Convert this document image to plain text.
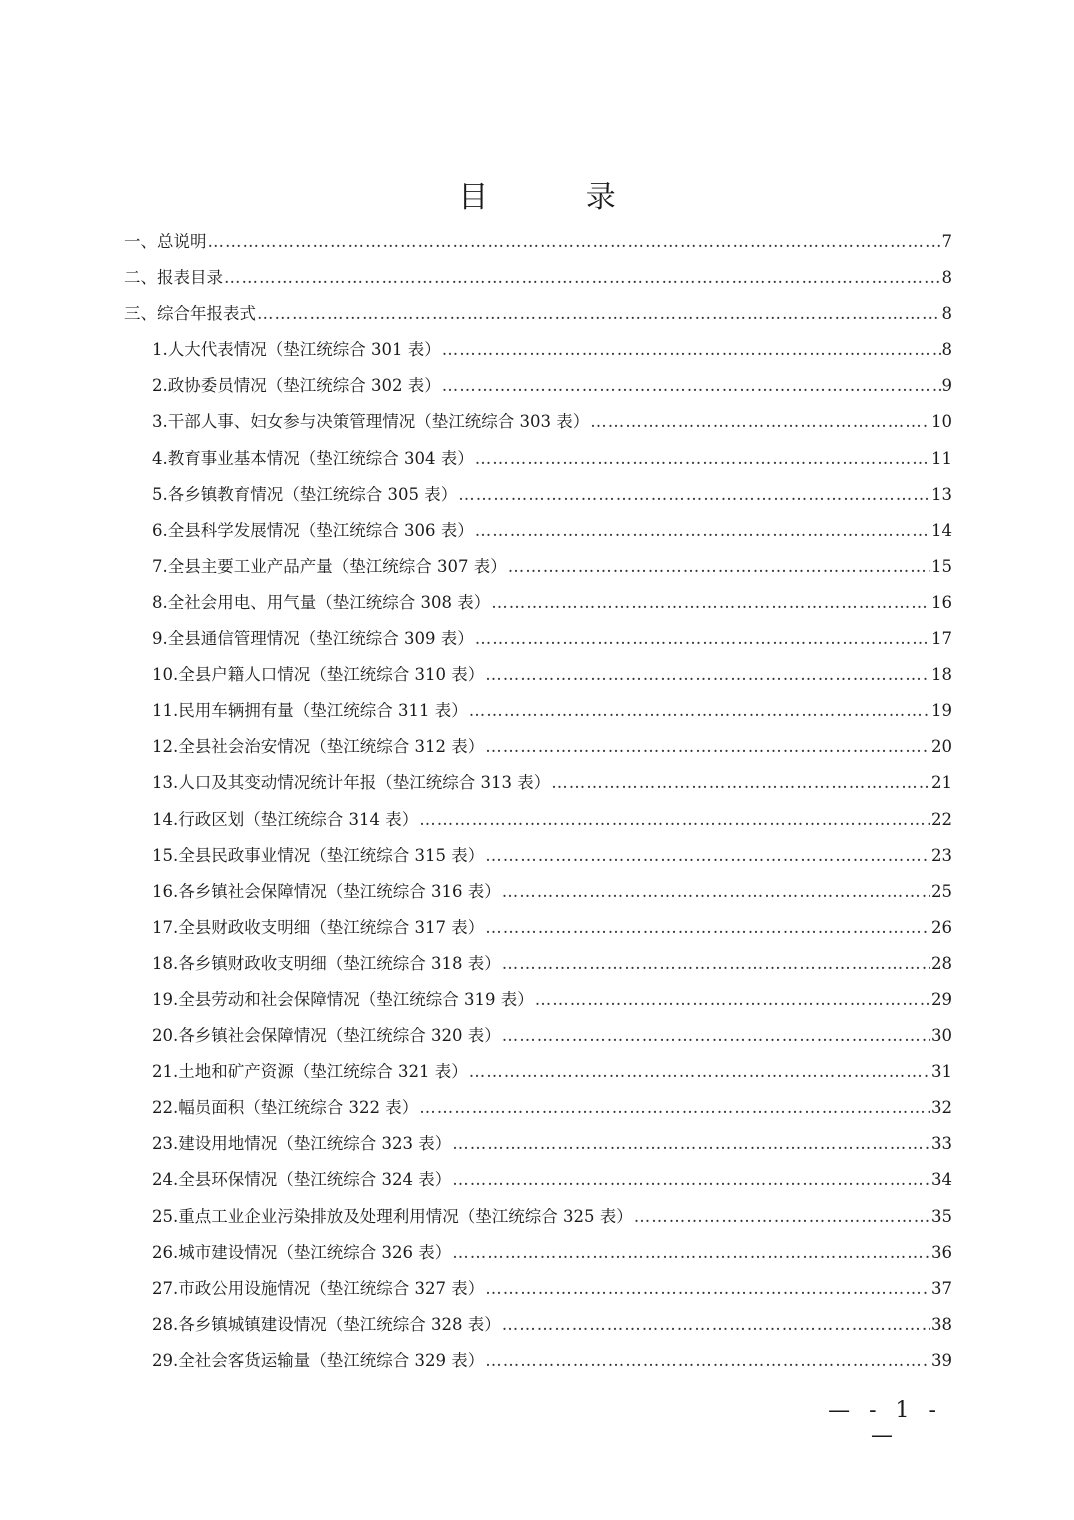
目 录
一、总说明 ……………………………………………………………………………………………………………………………………………………………………………………………………………………………………	7
二、报表目录 ……………………………………………………………………………………………………………………………………………………………………………………………………………………………………	8
三、综合年报表式 ……………………………………………………………………………………………………………………………………………………………………………………………………………………………………	8
1.人大代表情况（垫江统综合 301 表） ……………………………………………………………………………………………………………………………………………………………………………………………………………………………………	8
2.政协委员情况（垫江统综合 302 表） ……………………………………………………………………………………………………………………………………………………………………………………………………………………………………	9
3.干部人事、妇女参与决策管理情况（垫江统综合 303 表） ……………………………………………………………………………………………………………………………………………………………………………………………………………………………………	10
4.教育事业基本情况（垫江统综合 304 表） ……………………………………………………………………………………………………………………………………………………………………………………………………………………………………	11
5.各乡镇教育情况（垫江统综合 305 表） ……………………………………………………………………………………………………………………………………………………………………………………………………………………………………	13
6.全县科学发展情况（垫江统综合 306 表） ……………………………………………………………………………………………………………………………………………………………………………………………………………………………………	14
7.全县主要工业产品产量（垫江统综合 307 表） ……………………………………………………………………………………………………………………………………………………………………………………………………………………………………	15
8.全社会用电、用气量（垫江统综合 308 表） ……………………………………………………………………………………………………………………………………………………………………………………………………………………………………	16
9.全县通信管理情况（垫江统综合 309 表） ……………………………………………………………………………………………………………………………………………………………………………………………………………………………………	17
10.全县户籍人口情况（垫江统综合 310 表） ……………………………………………………………………………………………………………………………………………………………………………………………………………………………………	18
11.民用车辆拥有量（垫江统综合 311 表） ……………………………………………………………………………………………………………………………………………………………………………………………………………………………………	19
12.全县社会治安情况（垫江统综合 312 表） ……………………………………………………………………………………………………………………………………………………………………………………………………………………………………	20
13.人口及其变动情况统计年报（垫江统综合 313 表） ……………………………………………………………………………………………………………………………………………………………………………………………………………………………………	21
14.行政区划（垫江统综合 314 表） ……………………………………………………………………………………………………………………………………………………………………………………………………………………………………	22
15.全县民政事业情况（垫江统综合 315 表） ……………………………………………………………………………………………………………………………………………………………………………………………………………………………………	23
16.各乡镇社会保障情况（垫江统综合 316 表） ……………………………………………………………………………………………………………………………………………………………………………………………………………………………………	25
17.全县财政收支明细（垫江统综合 317 表） ……………………………………………………………………………………………………………………………………………………………………………………………………………………………………	26
18.各乡镇财政收支明细（垫江统综合 318 表） ……………………………………………………………………………………………………………………………………………………………………………………………………………………………………	28
19.全县劳动和社会保障情况（垫江统综合 319 表） ……………………………………………………………………………………………………………………………………………………………………………………………………………………………………	29
20.各乡镇社会保障情况（垫江统综合 320 表） ……………………………………………………………………………………………………………………………………………………………………………………………………………………………………	30
21.土地和矿产资源（垫江统综合 321 表） ……………………………………………………………………………………………………………………………………………………………………………………………………………………………………	31
22.幅员面积（垫江统综合 322 表） ……………………………………………………………………………………………………………………………………………………………………………………………………………………………………	32
23.建设用地情况（垫江统综合 323 表） ……………………………………………………………………………………………………………………………………………………………………………………………………………………………………	33
24.全县环保情况（垫江统综合 324 表） ……………………………………………………………………………………………………………………………………………………………………………………………………………………………………	34
25.重点工业企业污染排放及处理利用情况（垫江统综合 325 表） ……………………………………………………………………………………………………………………………………………………………………………………………………………………………………	35
26.城市建设情况（垫江统综合 326 表） ……………………………………………………………………………………………………………………………………………………………………………………………………………………………………	36
27.市政公用设施情况（垫江统综合 327 表） ……………………………………………………………………………………………………………………………………………………………………………………………………………………………………	37
28.各乡镇城镇建设情况（垫江统综合 328 表） ……………………………………………………………………………………………………………………………………………………………………………………………………………………………………	38
29.全社会客货运输量（垫江统综合 329 表） ……………………………………………………………………………………………………………………………………………………………………………………………………………………………………	39
— - 1 - —
